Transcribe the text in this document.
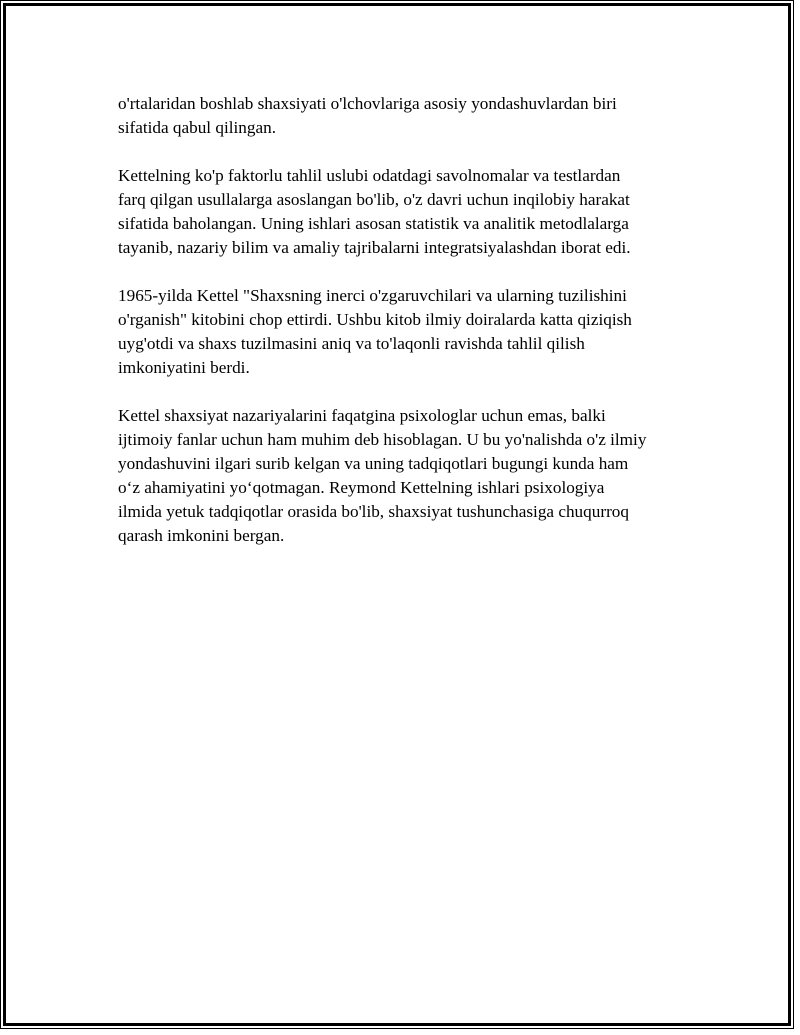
o'rtalaridan boshlab shaxsiyati o'lchovlariga asosiy yondashuvlardan biri
sifatida qabul qilingan.

Kettelning ko'p faktorlu tahlil uslubi odatdagi savolnomalar va testlardan
farq qilgan usullalarga asoslangan bo'lib, o'z davri uchun inqilobiy harakat
sifatida baholangan. Uning ishlari asosan statistik va analitik metodlalarga
tayanib, nazariy bilim va amaliy tajribalarni integratsiyalashdan iborat edi.

1965-yilda Kettel "Shaxsning inerci o'zgaruvchilari va ularning tuzilishini
o'rganish" kitobini chop ettirdi. Ushbu kitob ilmiy doiralarda katta qiziqish
uyg'otdi va shaxs tuzilmasini aniq va to'laqonli ravishda tahlil qilish
imkoniyatini berdi.

Kettel shaxsiyat nazariyalarini faqatgina psixologlar uchun emas, balki
ijtimoiy fanlar uchun ham muhim deb hisoblagan. U bu yo'nalishda o'z ilmiy
yondashuvini ilgari surib kelgan va uning tadqiqotlari bugungi kunda ham
o‘z ahamiyatini yo‘qotmagan. Reymond Kettelning ishlari psixologiya
ilmida yetuk tadqiqotlar orasida bo'lib, shaxsiyat tushunchasiga chuqurroq
qarash imkonini bergan.
